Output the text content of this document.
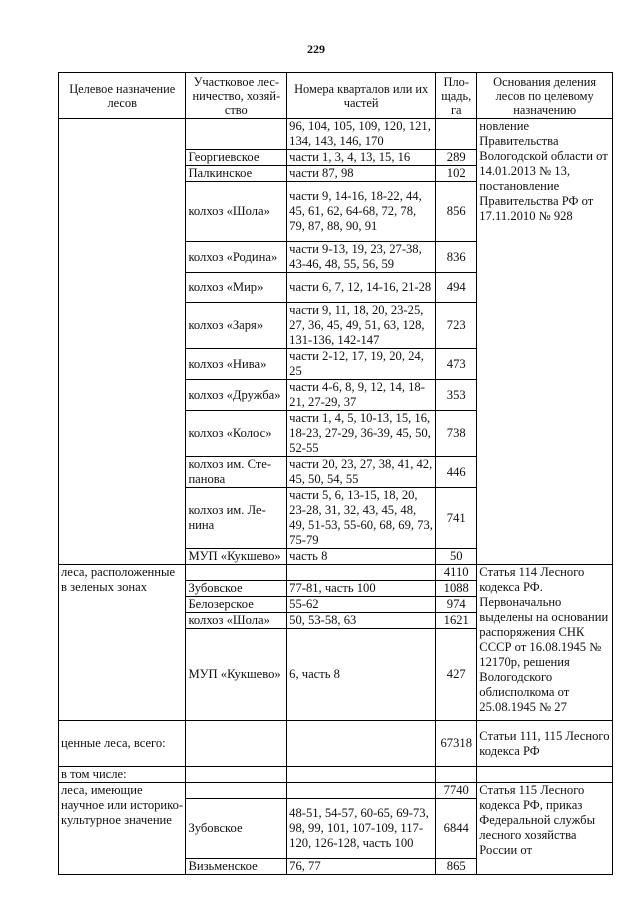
229
Целевое назначение лесов	Участковое лес-ничество, хозяй-ство	Номера кварталов или их частей	Пло-щадь, га	Основания деления лесов по целевому назначению
		96, 104, 105, 109, 120, 121, 134, 143, 146, 170		новление Правительства Вологодской области от 14.01.2013 № 13, постановление Правительства РФ от 17.11.2010 № 928
	Георгиевское	части 1, 3, 4, 13, 15, 16	289	
	Палкинское	части 87, 98	102	
	колхоз «Шола»	части 9, 14-16, 18-22, 44, 45, 61, 62, 64-68, 72, 78, 79, 87, 88, 90, 91	856	
	колхоз «Родина»	части 9-13, 19, 23, 27-38, 43-46, 48, 55, 56, 59	836	
	колхоз «Мир»	части 6, 7, 12, 14-16, 21-28	494	
	колхоз «Заря»	части 9, 11, 18, 20, 23-25, 27, 36, 45, 49, 51, 63, 128, 131-136, 142-147	723	
	колхоз «Нива»	части 2-12, 17, 19, 20, 24, 25	473	
	колхоз «Дружба»	части 4-6, 8, 9, 12, 14, 18-21, 27-29, 37	353	
	колхоз «Колос»	части 1, 4, 5, 10-13, 15, 16, 18-23, 27-29, 36-39, 45, 50, 52-55	738	
	колхоз им. Сте-панова	части 20, 23, 27, 38, 41, 42, 45, 50, 54, 55	446	
	колхоз им. Ле-нина	части 5, 6, 13-15, 18, 20, 23-28, 31, 32, 43, 45, 48, 49, 51-53, 55-60, 68, 69, 73, 75-79	741	
	МУП «Кукшево»	часть 8	50	
леса, расположенные в зеленых зонах			4110	Статья 114 Лесного кодекса РФ. Первоначально выделены на основании распоряжения СНК СССР от 16.08.1945 № 12170р, решения Вологодского облисполкома от 25.08.1945 № 27
	Зубовское	77-81, часть 100	1088	
	Белозерское	55-62	974	
	колхоз «Шола»	50, 53-58, 63	1621	
	МУП «Кукшево»	6, часть 8	427	
ценные леса, всего:			67318	Статьи 111, 115 Лесного кодекса РФ
в том числе:				
леса, имеющие научное или историко-культурное значение			7740	Статья 115 Лесного кодекса РФ, приказ Федеральной службы лесного хозяйства России от
	Зубовское	48-51, 54-57, 60-65, 69-73, 98, 99, 101, 107-109, 117-120, 126-128, часть 100	6844	
	Визьменское	76, 77	865	
